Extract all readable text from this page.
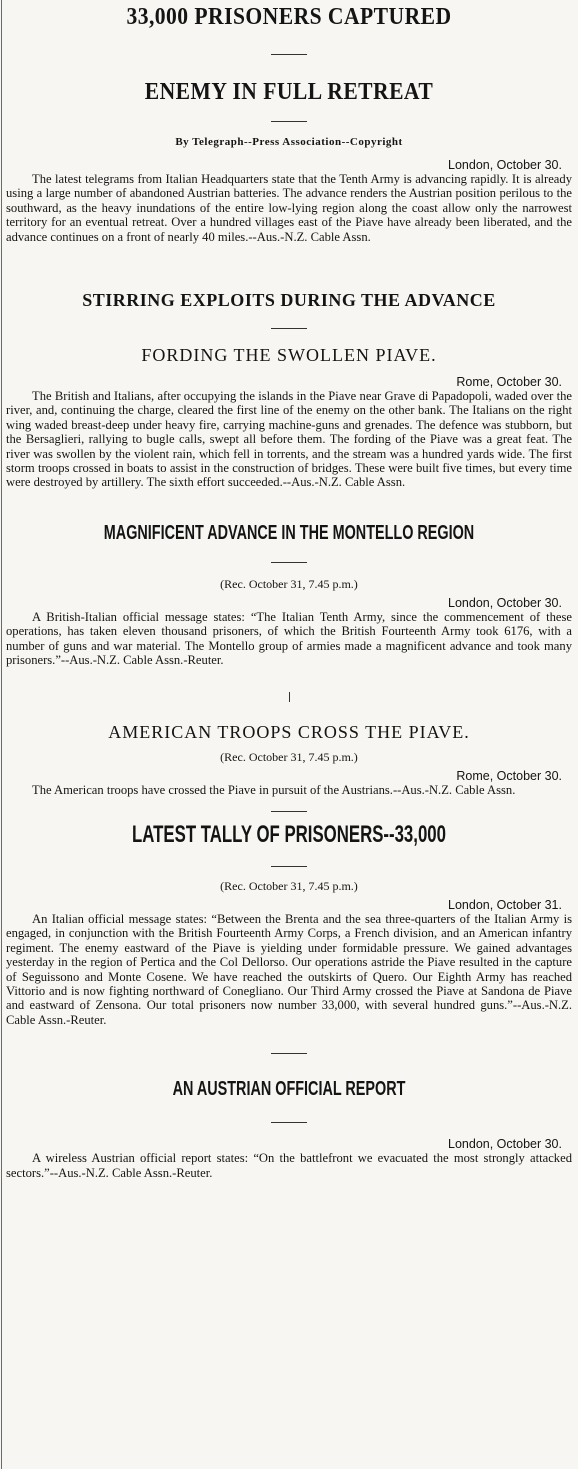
33,000 PRISONERS CAPTURED
ENEMY IN FULL RETREAT
By Telegraph--Press Association--Copyright
London, October 30.

The latest telegrams from Italian Headquarters state that the Tenth Army is advancing rapidly. It is already using a large number of abandoned Austrian batteries. The advance renders the Austrian position perilous to the southward, as the heavy inundations of the entire low-lying region along the coast allow only the narrowest territory for an eventual retreat. Over a hundred villages east of the Piave have already been liberated, and the advance continues on a front of nearly 40 miles.--Aus.-N.Z. Cable Assn.

STIRRING EXPLOITS DURING THE ADVANCE
FORDING THE SWOLLEN PIAVE.
Rome, October 30.

The British and Italians, after occupying the islands in the Piave near Grave di Papadopoli, waded over the river, and, continuing the charge, cleared the first line of the enemy on the other bank. The Italians on the right wing waded breast-deep under heavy fire, carrying machine-guns and grenades. The defence was stubborn, but the Bersaglieri, rallying to bugle calls, swept all before them. The fording of the Piave was a great feat. The river was swollen by the violent rain, which fell in torrents, and the stream was a hundred yards wide. The first storm troops crossed in boats to assist in the construction of bridges. These were built five times, but every time were destroyed by artillery. The sixth effort succeeded.--Aus.-N.Z. Cable Assn.

MAGNIFICENT ADVANCE IN THE MONTELLO REGION
(Rec. October 31, 7.45 p.m.)
London, October 30.

A British-Italian official message states: “The Italian Tenth Army, since the commencement of these operations, has taken eleven thousand prisoners, of which the British Fourteenth Army took 6176, with a number of guns and war material. The Montello group of armies made a magnificent advance and took many prisoners.”--Aus.-N.Z. Cable Assn.-Reuter.

AMERICAN TROOPS CROSS THE PIAVE.
(Rec. October 31, 7.45 p.m.)
Rome, October 30.

The American troops have crossed the Piave in pursuit of the Austrians.--Aus.-N.Z. Cable Assn.

LATEST TALLY OF PRISONERS--33,000
(Rec. October 31, 7.45 p.m.)
London, October 31.

An Italian official message states: “Between the Brenta and the sea three-quarters of the Italian Army is engaged, in conjunction with the British Fourteenth Army Corps, a French division, and an American infantry regiment. The enemy eastward of the Piave is yielding under formidable pressure. We gained advantages yesterday in the region of Pertica and the Col Dellorso. Our operations astride the Piave resulted in the capture of Seguissono and Monte Cosene. We have reached the outskirts of Quero. Our Eighth Army has reached Vittorio and is now fighting northward of Conegliano. Our Third Army crossed the Piave at Sandona de Piave and eastward of Zensona. Our total prisoners now number 33,000, with several hundred guns.”--Aus.-N.Z. Cable Assn.-Reuter.

AN AUSTRIAN OFFICIAL REPORT
London, October 30.

A wireless Austrian official report states: “On the battlefront we evacuated the most strongly attacked sectors.”--Aus.-N.Z. Cable Assn.-Reuter.
